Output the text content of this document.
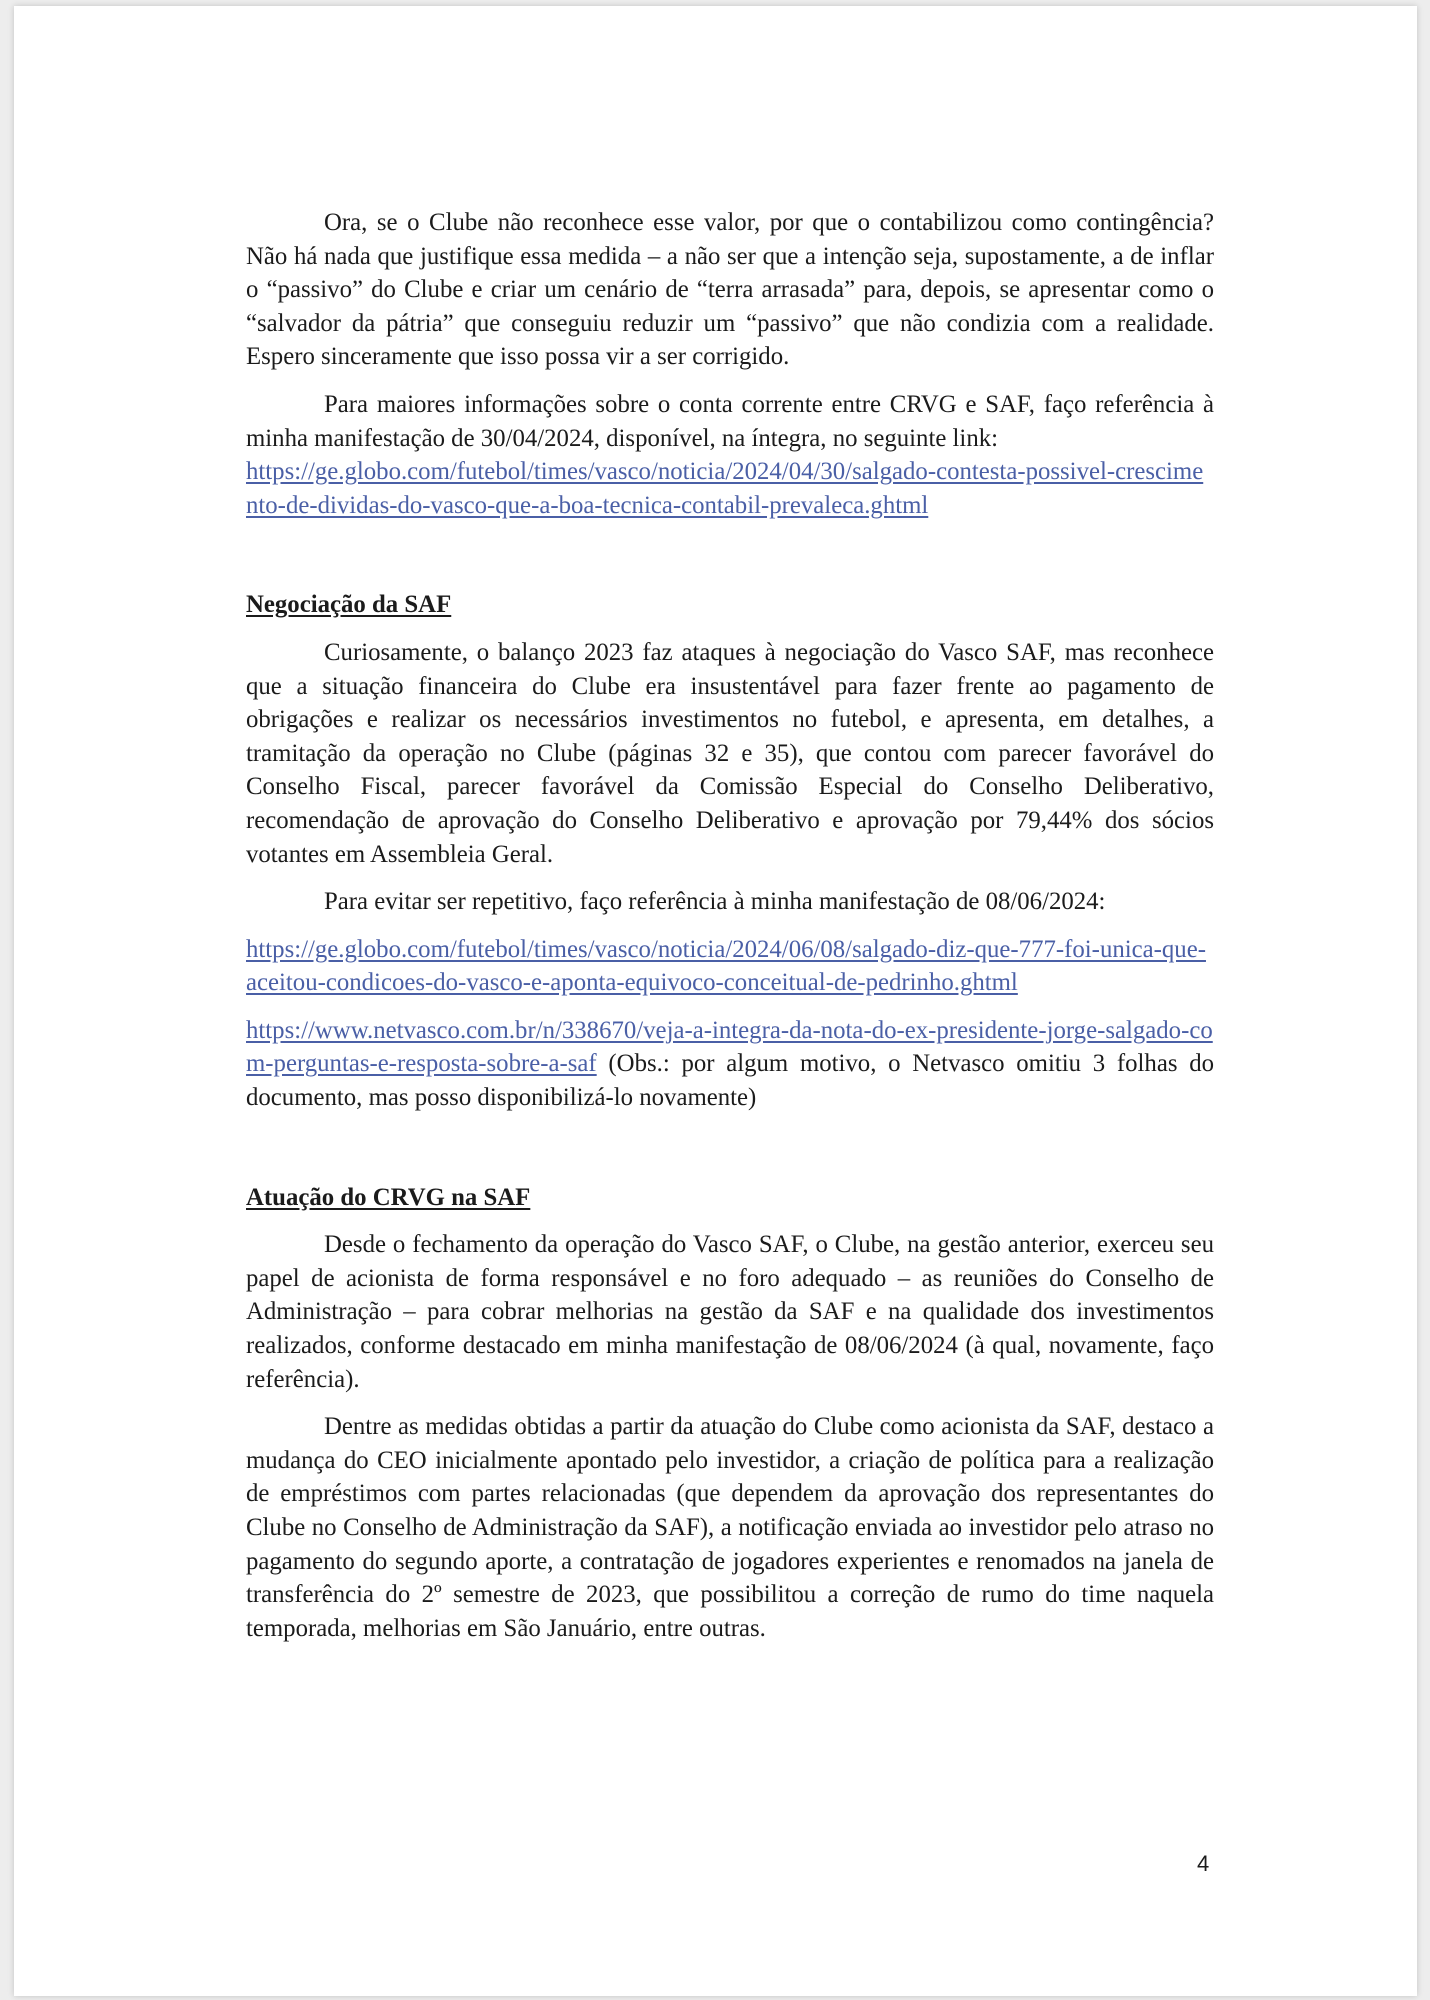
Ora, se o Clube não reconhece esse valor, por que o contabilizou como contingência? Não há nada que justifique essa medida – a não ser que a intenção seja, supostamente, a de inflar o “passivo” do Clube e criar um cenário de “terra arrasada” para, depois, se apresentar como o “salvador da pátria” que conseguiu reduzir um “passivo” que não condizia com a realidade. Espero sinceramente que isso possa vir a ser corrigido.

Para maiores informações sobre o conta corrente entre CRVG e SAF, faço referência à minha manifestação de 30/04/2024, disponível, na íntegra, no seguinte link:

https://ge.globo.com/futebol/times/vasco/noticia/2024/04/30/salgado-contesta-possivel-crescimento-de-dividas-do-vasco-que-a-boa-tecnica-contabil-prevaleca.ghtml

Negociação da SAF

Curiosamente, o balanço 2023 faz ataques à negociação do Vasco SAF, mas reconhece que a situação financeira do Clube era insustentável para fazer frente ao pagamento de obrigações e realizar os necessários investimentos no futebol, e apresenta, em detalhes, a tramitação da operação no Clube (páginas 32 e 35), que contou com parecer favorável do Conselho Fiscal, parecer favorável da Comissão Especial do Conselho Deliberativo, recomendação de aprovação do Conselho Deliberativo e aprovação por 79,44% dos sócios votantes em Assembleia Geral.

Para evitar ser repetitivo, faço referência à minha manifestação de 08/06/2024:

https://ge.globo.com/futebol/times/vasco/noticia/2024/06/08/salgado-diz-que-777-foi-unica-que-aceitou-condicoes-do-vasco-e-aponta-equivoco-conceitual-de-pedrinho.ghtml

https://www.netvasco.com.br/n/338670/veja-a-integra-da-nota-do-ex-presidente-jorge-salgado-com-perguntas-e-resposta-sobre-a-saf (Obs.: por algum motivo, o Netvasco omitiu 3 folhas do documento, mas posso disponibilizá-lo novamente)

Atuação do CRVG na SAF

Desde o fechamento da operação do Vasco SAF, o Clube, na gestão anterior, exerceu seu papel de acionista de forma responsável e no foro adequado – as reuniões do Conselho de Administração – para cobrar melhorias na gestão da SAF e na qualidade dos investimentos realizados, conforme destacado em minha manifestação de 08/06/2024 (à qual, novamente, faço referência).

Dentre as medidas obtidas a partir da atuação do Clube como acionista da SAF, destaco a mudança do CEO inicialmente apontado pelo investidor, a criação de política para a realização de empréstimos com partes relacionadas (que dependem da aprovação dos representantes do Clube no Conselho de Administração da SAF), a notificação enviada ao investidor pelo atraso no pagamento do segundo aporte, a contratação de jogadores experientes e renomados na janela de transferência do 2º semestre de 2023, que possibilitou a correção de rumo do time naquela temporada, melhorias em São Januário, entre outras.

4
